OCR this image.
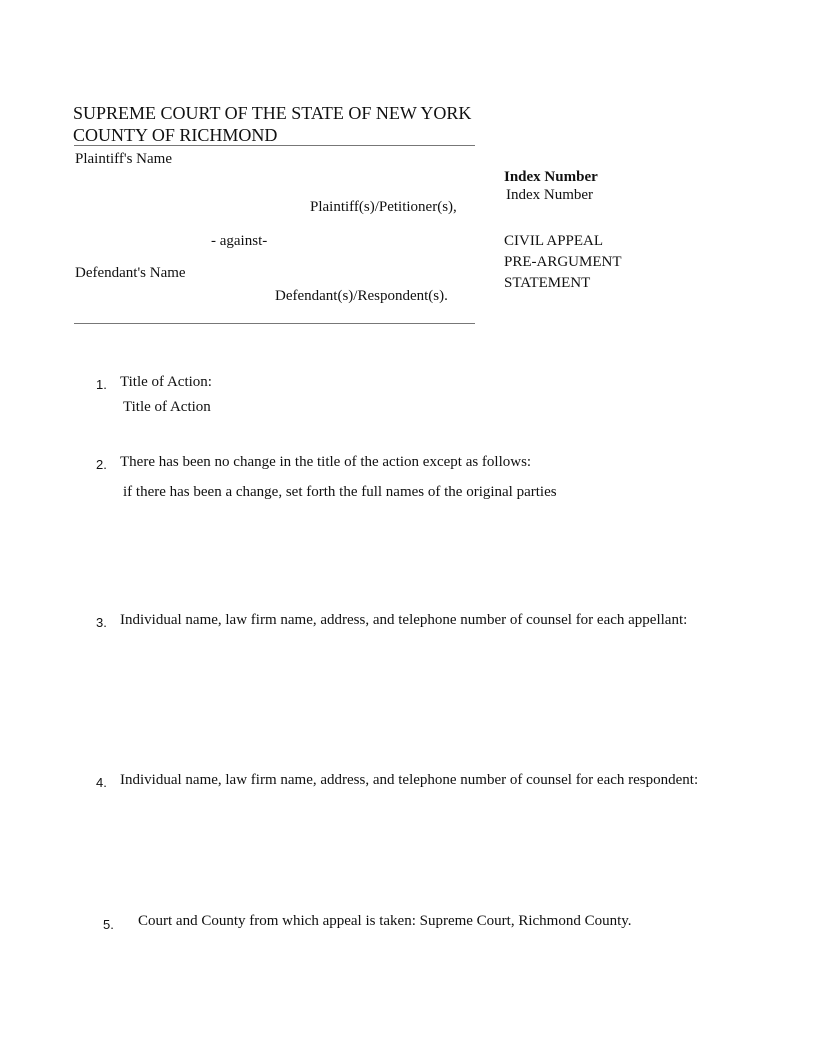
SUPREME COURT OF THE STATE OF NEW YORK
COUNTY OF RICHMOND
Plaintiff's Name
Plaintiff(s)/Petitioner(s),
- against-
Defendant's Name
Defendant(s)/Respondent(s).
Index Number
Index Number
CIVIL APPEAL
PRE-ARGUMENT
STATEMENT
1. Title of Action:
Title of Action
2. There has been no change in the title of the action except as follows:
if there has been a change, set forth the full names of the original parties
3. Individual name, law firm name, address, and telephone number of counsel for each appellant:
4. Individual name, law firm name, address, and telephone number of counsel for each respondent:
5. Court and County from which appeal is taken: Supreme Court, Richmond County.
